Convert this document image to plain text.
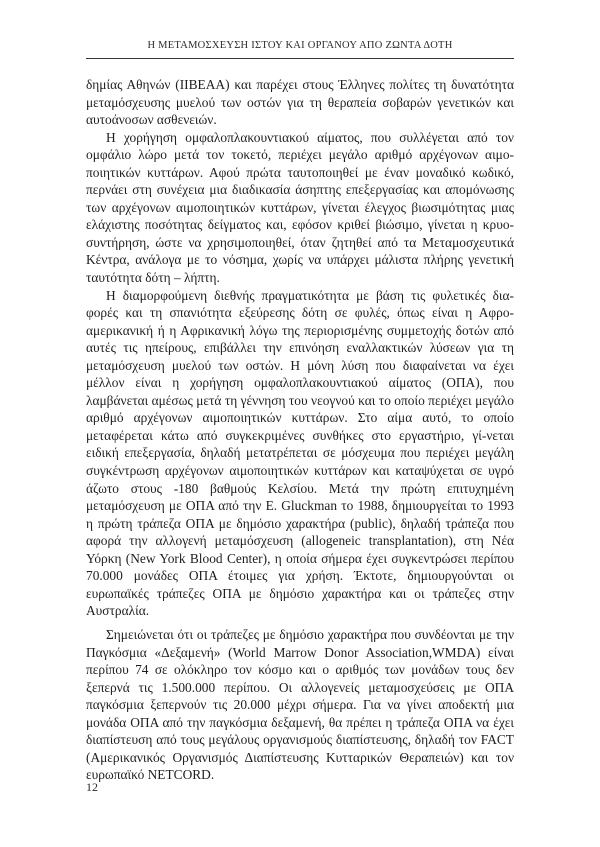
Η ΜΕΤΑΜΟΣΧΕΥΣΗ ΙΣΤΟΥ ΚΑΙ ΟΡΓΑΝΟΥ ΑΠΟ ΖΩΝΤΑ ΔΟΤΗ

δημίας Αθηνών (ΙΙΒΕΑΑ) και παρέχει στους Έλληνες πολίτες τη δυνατότητα μεταμόσχευσης μυελού των οστών για τη θεραπεία σοβαρών γενετικών και αυτοάνοσων ασθενειών.

Η χορήγηση ομφαλοπλακουντιακού αίματος, που συλλέγεται από τον ομφάλιο λώρο μετά τον τοκετό, περιέχει μεγάλο αριθμό αρχέγονων αιμο-ποιητικών κυττάρων. Αφού πρώτα ταυτοποιηθεί με έναν μοναδικό κωδικό, περνάει στη συνέχεια μια διαδικασία άσηπτης επεξεργασίας και απομόνωσης των αρχέγονων αιμοποιητικών κυττάρων, γίνεται έλεγχος βιωσιμότητας μιας ελάχιστης ποσότητας δείγματος και, εφόσον κριθεί βιώσιμο, γίνεται η κρυο-συντήρηση, ώστε να χρησιμοποιηθεί, όταν ζητηθεί από τα Μεταμοσχευτικά Κέντρα, ανάλογα με το νόσημα, χωρίς να υπάρχει μάλιστα πλήρης γενετική ταυτότητα δότη – λήπτη.

Η διαμορφούμενη διεθνής πραγματικότητα με βάση τις φυλετικές δια-φορές και τη σπανιότητα εξεύρεσης δότη σε φυλές, όπως είναι η Αφρο-αμερικανική ή η Αφρικανική λόγω της περιορισμένης συμμετοχής δοτών από αυτές τις ηπείρους, επιβάλλει την επινόηση εναλλακτικών λύσεων για τη μεταμόσχευση μυελού των οστών. Η μόνη λύση που διαφαίνεται να έχει μέλλον είναι η χορήγηση ομφαλοπλακουντιακού αίματος (ΟΠΑ), που λαμβάνεται αμέσως μετά τη γέννηση του νεογνού και το οποίο περιέχει μεγάλο αριθμό αρχέγονων αιμοποιητικών κυττάρων. Στο αίμα αυτό, το οποίο μεταφέρεται κάτω από συγκεκριμένες συνθήκες στο εργαστήριο, γί-νεται ειδική επεξεργασία, δηλαδή μετατρέπεται σε μόσχευμα που περιέχει μεγάλη συγκέντρωση αρχέγονων αιμοποιητικών κυττάρων και καταψύχεται σε υγρό άζωτο στους -180 βαθμούς Κελσίου. Μετά την πρώτη επιτυχημένη μεταμόσχευση με ΟΠΑ από την E. Gluckman το 1988, δημιουργείται το 1993 η πρώτη τράπεζα ΟΠΑ με δημόσιο χαρακτήρα (public), δηλαδή τράπεζα που αφορά την αλλογενή μεταμόσχευση (allogeneic transplantation), στη Νέα Υόρκη (New York Blood Center), η οποία σήμερα έχει συγκεντρώσει περίπου 70.000 μονάδες ΟΠΑ έτοιμες για χρήση. Έκτοτε, δημιουργούνται οι ευρωπαϊκές τράπεζες ΟΠΑ με δημόσιο χαρακτήρα και οι τράπεζες στην Αυστραλία.

Σημειώνεται ότι οι τράπεζες με δημόσιο χαρακτήρα που συνδέονται με την Παγκόσμια «Δεξαμενή» (World Marrow Donor Association,WMDA) είναι περίπου 74 σε ολόκληρο τον κόσμο και ο αριθμός των μονάδων τους δεν ξεπερνά τις 1.500.000 περίπου. Οι αλλογενείς μεταμοσχεύσεις με ΟΠΑ παγκόσμια ξεπερνούν τις 20.000 μέχρι σήμερα. Για να γίνει αποδεκτή μια μονάδα ΟΠΑ από την παγκόσμια δεξαμενή, θα πρέπει η τράπεζα ΟΠΑ να έχει διαπίστευση από τους μεγάλους οργανισμούς διαπίστευσης, δηλαδή τον FACT (Αμερικανικός Οργανισμός Διαπίστευσης Κυτταρικών Θεραπειών) και τον ευρωπαϊκό NETCORD.

12
